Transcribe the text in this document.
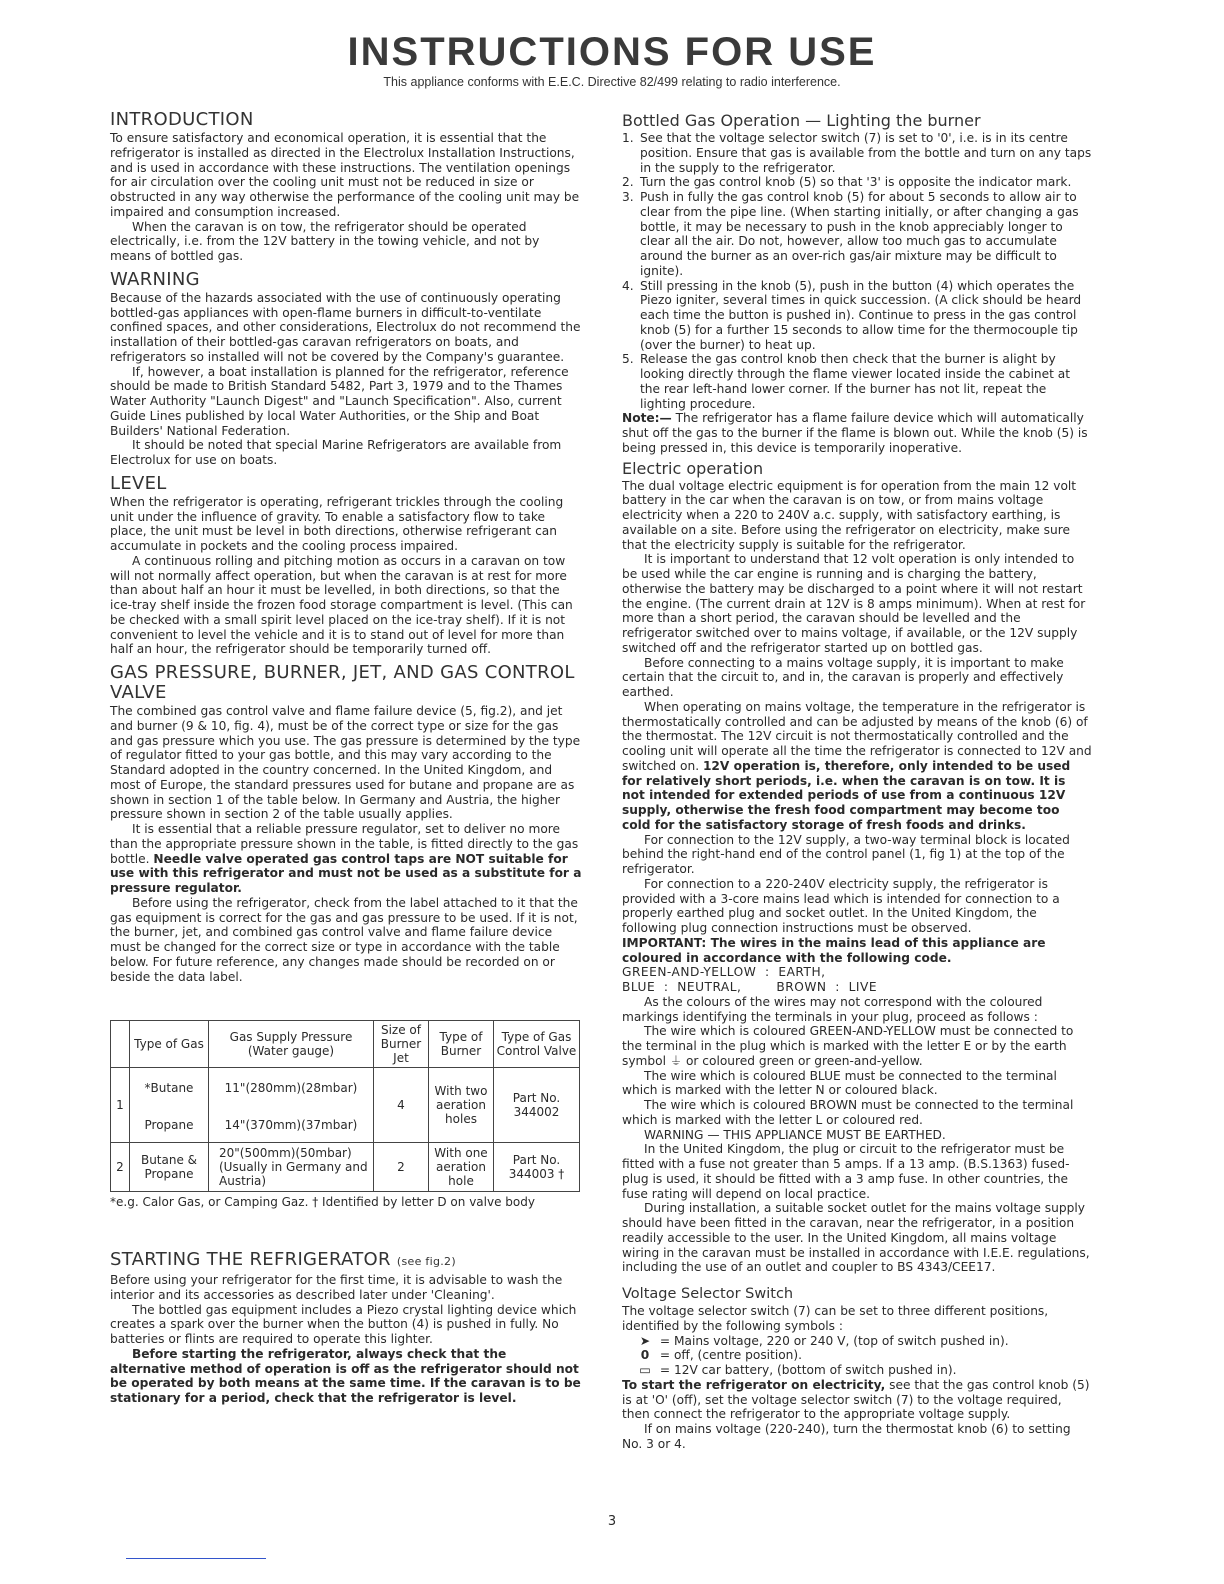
INSTRUCTIONS FOR USE

This appliance conforms with E.E.C. Directive 82/499 relating to radio interference.

INTRODUCTION

To ensure satisfactory and economical operation, it is essential that the refrigerator is installed as directed in the Electrolux Installation Instructions, and is used in accordance with these instructions. The ventilation openings for air circulation over the cooling unit must not be reduced in size or obstructed in any way otherwise the performance of the cooling unit may be impaired and consumption increased.

When the caravan is on tow, the refrigerator should be operated electrically, i.e. from the 12V battery in the towing vehicle, and not by means of bottled gas.

WARNING

Because of the hazards associated with the use of continuously operating bottled-gas appliances with open-flame burners in difficult-to-ventilate confined spaces, and other considerations, Electrolux do not recommend the installation of their bottled-gas caravan refrigerators on boats, and refrigerators so installed will not be covered by the Company's guarantee.

If, however, a boat installation is planned for the refrigerator, reference should be made to British Standard 5482, Part 3, 1979 and to the Thames Water Authority "Launch Digest" and "Launch Specification". Also, current Guide Lines published by local Water Authorities, or the Ship and Boat Builders' National Federation.

It should be noted that special Marine Refrigerators are available from Electrolux for use on boats.

LEVEL

When the refrigerator is operating, refrigerant trickles through the cooling unit under the influence of gravity. To enable a satisfactory flow to take place, the unit must be level in both directions, otherwise refrigerant can accumulate in pockets and the cooling process impaired.

A continuous rolling and pitching motion as occurs in a caravan on tow will not normally affect operation, but when the caravan is at rest for more than about half an hour it must be levelled, in both directions, so that the ice-tray shelf inside the frozen food storage compartment is level. (This can be checked with a small spirit level placed on the ice-tray shelf). If it is not convenient to level the vehicle and it is to stand out of level for more than half an hour, the refrigerator should be temporarily turned off.

GAS PRESSURE, BURNER, JET, AND GAS CONTROL VALVE

The combined gas control valve and flame failure device (5, fig.2), and jet and burner (9 & 10, fig. 4), must be of the correct type or size for the gas and gas pressure which you use. The gas pressure is determined by the type of regulator fitted to your gas bottle, and this may vary according to the Standard adopted in the country concerned. In the United Kingdom, and most of Europe, the standard pressures used for butane and propane are as shown in section 1 of the table below. In Germany and Austria, the higher pressure shown in section 2 of the table usually applies.

It is essential that a reliable pressure regulator, set to deliver no more than the appropriate pressure shown in the table, is fitted directly to the gas bottle. Needle valve operated gas control taps are NOT suitable for use with this refrigerator and must not be used as a substitute for a pressure regulator.

Before using the refrigerator, check from the label attached to it that the gas equipment is correct for the gas and gas pressure to be used. If it is not, the burner, jet, and combined gas control valve and flame failure device must be changed for the correct size or type in accordance with the table below. For future reference, any changes made should be recorded on or beside the data label.

	Type of Gas	Gas Supply Pressure (Water gauge)	Size of Burner Jet	Type of Burner	Type of Gas Control Valve
1	*Butane	11"(280mm)(28mbar)	4	With two aeration holes	Part No. 344002
	Propane	14"(370mm)(37mbar)			
2	Butane & Propane	20"(500mm)(50mbar) (Usually in Germany and Austria)	2	With one aeration hole	Part No. 344003 †

*e.g. Calor Gas, or Camping Gaz. † Identified by letter D on valve body

STARTING THE REFRIGERATOR (see fig.2)

Before using your refrigerator for the first time, it is advisable to wash the interior and its accessories as described later under 'Cleaning'.

The bottled gas equipment includes a Piezo crystal lighting device which creates a spark over the burner when the button (4) is pushed in fully. No batteries or flints are required to operate this lighter.

Before starting the refrigerator, always check that the alternative method of operation is off as the refrigerator should not be operated by both means at the same time. If the caravan is to be stationary for a period, check that the refrigerator is level.

Bottled Gas Operation — Lighting the burner
1. See that the voltage selector switch (7) is set to '0', i.e. is in its centre position. Ensure that gas is available from the bottle and turn on any taps in the supply to the refrigerator.
2. Turn the gas control knob (5) so that '3' is opposite the indicator mark.
3. Push in fully the gas control knob (5) for about 5 seconds to allow air to clear from the pipe line. (When starting initially, or after changing a gas bottle, it may be necessary to push in the knob appreciably longer to clear all the air. Do not, however, allow too much gas to accumulate around the burner as an over-rich gas/air mixture may be difficult to ignite).
4. Still pressing in the knob (5), push in the button (4) which operates the Piezo igniter, several times in quick succession. (A click should be heard each time the button is pushed in). Continue to press in the gas control knob (5) for a further 15 seconds to allow time for the thermocouple tip (over the burner) to heat up.
5. Release the gas control knob then check that the burner is alight by looking directly through the flame viewer located inside the cabinet at the rear left-hand lower corner. If the burner has not lit, repeat the lighting procedure.

Note:— The refrigerator has a flame failure device which will automatically shut off the gas to the burner if the flame is blown out. While the knob (5) is being pressed in, this device is temporarily inoperative.

Electric operation

The dual voltage electric equipment is for operation from the main 12 volt battery in the car when the caravan is on tow, or from mains voltage electricity when a 220 to 240V a.c. supply, with satisfactory earthing, is available on a site. Before using the refrigerator on electricity, make sure that the electricity supply is suitable for the refrigerator.

It is important to understand that 12 volt operation is only intended to be used while the car engine is running and is charging the battery, otherwise the battery may be discharged to a point where it will not restart the engine. (The current drain at 12V is 8 amps minimum). When at rest for more than a short period, the caravan should be levelled and the refrigerator switched over to mains voltage, if available, or the 12V supply switched off and the refrigerator started up on bottled gas.

Before connecting to a mains voltage supply, it is important to make certain that the circuit to, and in, the caravan is properly and effectively earthed.

When operating on mains voltage, the temperature in the refrigerator is thermostatically controlled and can be adjusted by means of the knob (6) of the thermostat. The 12V circuit is not thermostatically controlled and the cooling unit will operate all the time the refrigerator is connected to 12V and switched on. 12V operation is, therefore, only intended to be used for relatively short periods, i.e. when the caravan is on tow. It is not intended for extended periods of use from a continuous 12V supply, otherwise the fresh food compartment may become too cold for the satisfactory storage of fresh foods and drinks.

For connection to the 12V supply, a two-way terminal block is located behind the right-hand end of the control panel (1, fig 1) at the top of the refrigerator.

For connection to a 220-240V electricity supply, the refrigerator is provided with a 3-core mains lead which is intended for connection to a properly earthed plug and socket outlet. In the United Kingdom, the following plug connection instructions must be observed.

IMPORTANT: The wires in the mains lead of this appliance are coloured in accordance with the following code.

GREEN-AND-YELLOW  :  EARTH,

BLUE  :  NEUTRAL,        BROWN  :  LIVE

As the colours of the wires may not correspond with the coloured markings identifying the terminals in your plug, proceed as follows :

The wire which is coloured GREEN-AND-YELLOW must be connected to the terminal in the plug which is marked with the letter E or by the earth symbol ⏚ or coloured green or green-and-yellow.

The wire which is coloured BLUE must be connected to the terminal which is marked with the letter N or coloured black.

The wire which is coloured BROWN must be connected to the terminal which is marked with the letter L or coloured red.

WARNING — THIS APPLIANCE MUST BE EARTHED.

In the United Kingdom, the plug or circuit to the refrigerator must be fitted with a fuse not greater than 5 amps. If a 13 amp. (B.S.1363) fused-plug is used, it should be fitted with a 3 amp fuse. In other countries, the fuse rating will depend on local practice.

During installation, a suitable socket outlet for the mains voltage supply should have been fitted in the caravan, near the refrigerator, in a position readily accessible to the user. In the United Kingdom, all mains voltage wiring in the caravan must be installed in accordance with I.E.E. regulations, including the use of an outlet and coupler to BS 4343/CEE17.

Voltage Selector Switch

The voltage selector switch (7) can be set to three different positions, identified by the following symbols :

➤ = Mains voltage, 220 or 240 V, (top of switch pushed in).

0 = off, (centre position).

▭ = 12V car battery, (bottom of switch pushed in).

To start the refrigerator on electricity, see that the gas control knob (5) is at 'O' (off), set the voltage selector switch (7) to the voltage required, then connect the refrigerator to the appropriate voltage supply.

If on mains voltage (220-240), turn the thermostat knob (6) to setting No. 3 or 4.

3
